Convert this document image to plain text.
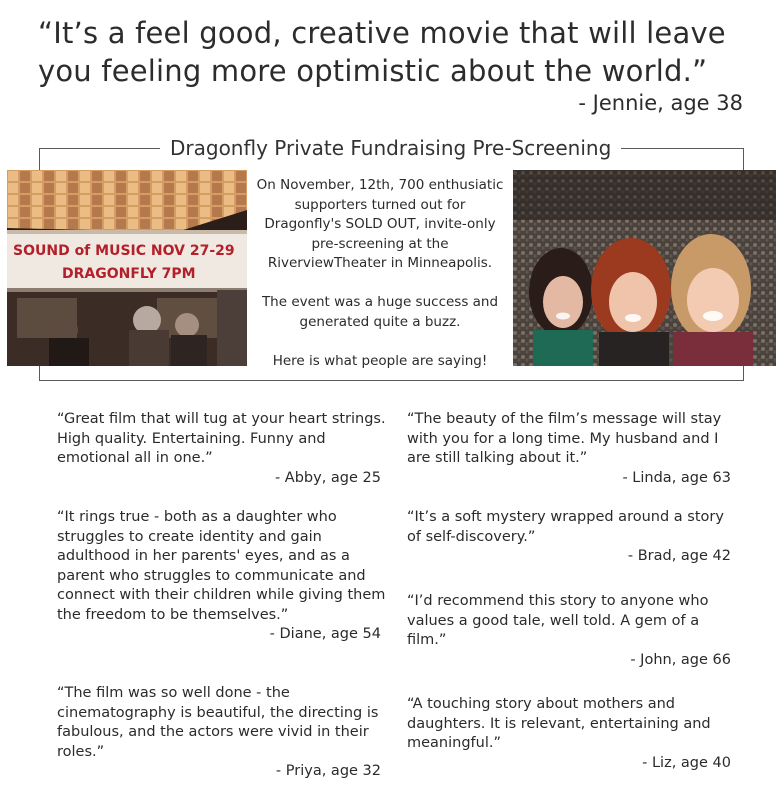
“It’s a feel good, creative movie that will leave
you feeling more optimistic about the world.”
- Jennie, age 38
Dragonfly Private Fundraising Pre-Screening
SOUND of MUSIC NOV 27-29
DRAGONFLY 7PM

On November, 12th, 700 enthusiatic supporters turned out for Dragonfly's SOLD OUT, invite-only pre-screening at the RiverviewTheater in Minneapolis.

The event was a huge success and generated quite a buzz.

Here is what people are saying!

“Great film that will tug at your heart strings. High quality. Entertaining. Funny and emotional all in one.”
- Abby, age 25
“It rings true - both as a daughter who struggles to create identity and gain adulthood in her parents' eyes, and as a parent who struggles to communicate and connect with their children while giving them the freedom to be themselves.”
- Diane, age 54
“The film was so well done - the cinematography is beautiful, the directing is fabulous, and the actors were vivid in their roles.”
- Priya, age 32
“The beauty of the film’s message will stay with you for a long time. My husband and I are still talking about it.”
- Linda, age 63
“It’s a soft mystery wrapped around a story of self-discovery.”
- Brad, age 42
“I’d recommend this story to anyone who values a good tale, well told. A gem of a film.”
- John, age 66
“A touching story about mothers and daughters. It is relevant, entertaining and meaningful.”
- Liz, age 40
